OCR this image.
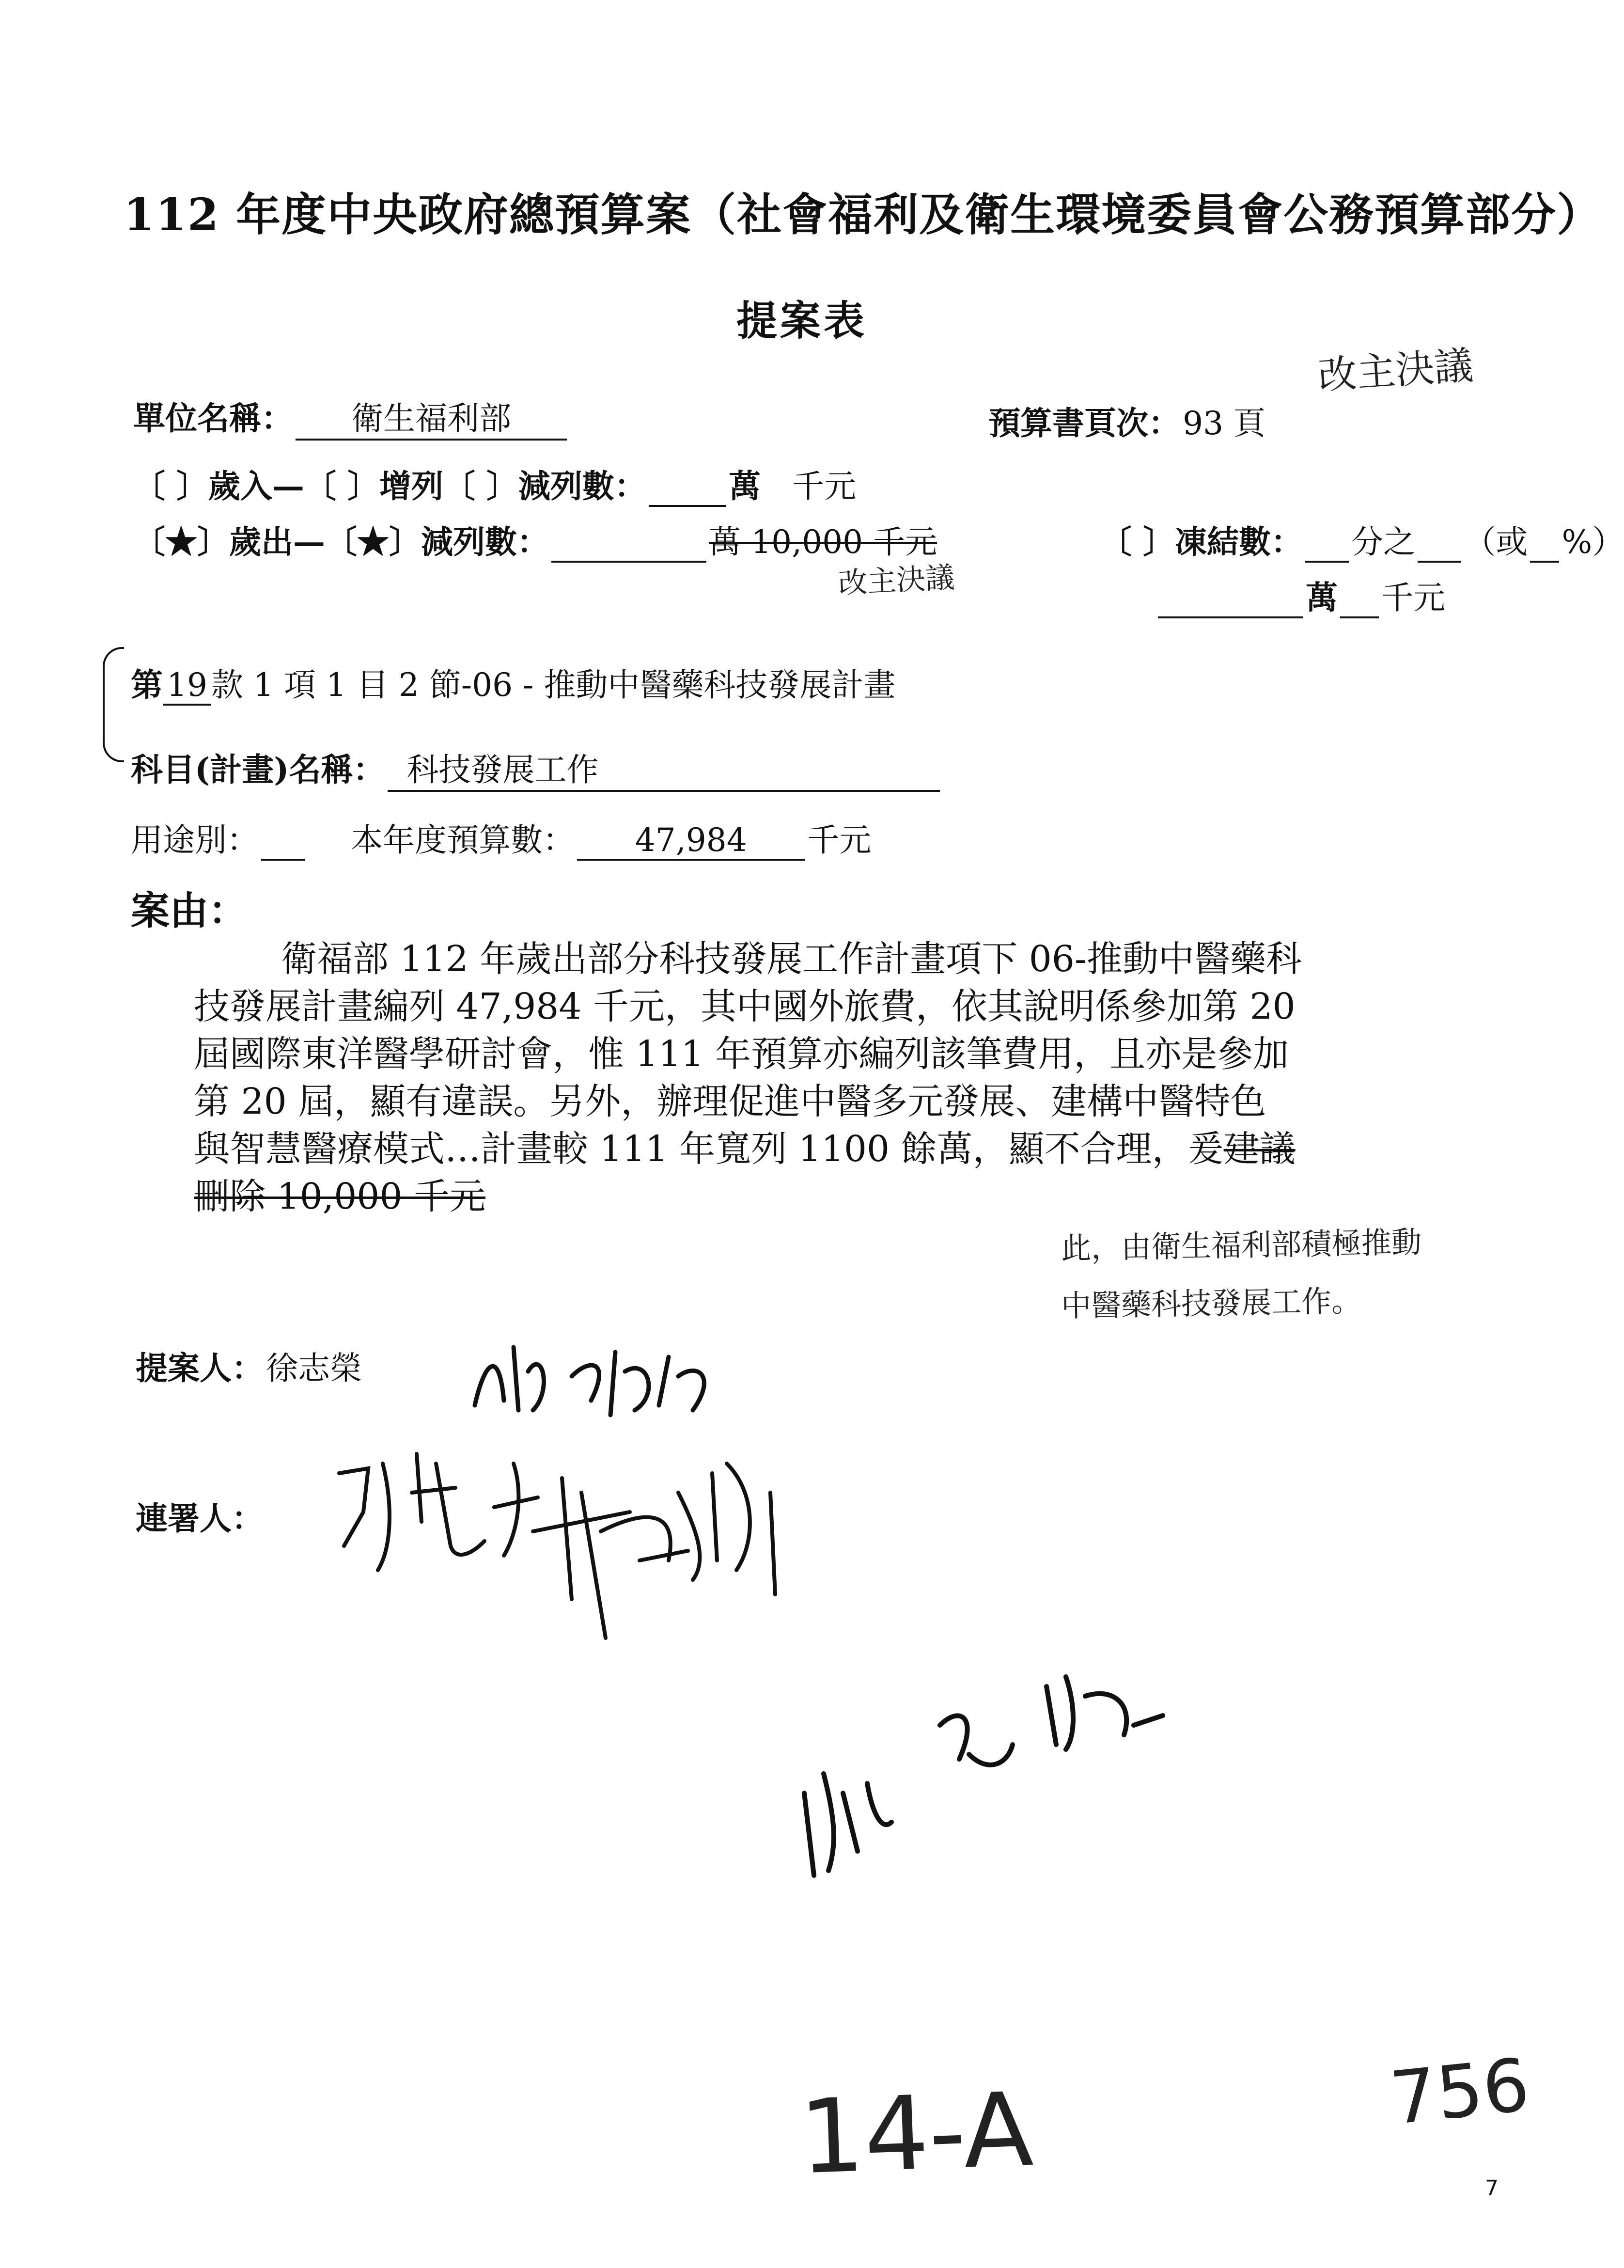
112 年度中央政府總預算案（社會福利及衛生環境委員會公務預算部分）
提案表
改主決議
單位名稱： 衛生福利部	預算書頁次： 93 頁
〔 〕歲入—〔 〕增列〔 〕減列數：	萬 千元
〔★〕歲出—〔★〕減列數：	萬 10,000 千元	〔 〕凍結數： 分之 （或 %）
改主決議	萬 千元
第 19 款 1 項 1 目 2 節-06 - 推動中醫藥科技發展計畫
科目(計畫)名稱： 科技發展工作
用途別：	本年度預算數： 47,984 千元
案由：

衛福部 112 年歲出部分科技發展工作計畫項下 06-推動中醫藥科

技發展計畫編列 47,984 千元，其中國外旅費，依其說明係參加第 20

屆國際東洋醫學研討會，惟 111 年預算亦編列該筆費用，且亦是參加

第 20 屆，顯有違誤。另外，辦理促進中醫多元發展、建構中醫特色

與智慧醫療模式…計畫較 111 年寬列 1100 餘萬，顯不合理，爰建議

刪除 10,000 千元

此，由衛生福利部積極推動
中醫藥科技發展工作。
提案人： 徐志榮
連署人：
14-A	756
7
